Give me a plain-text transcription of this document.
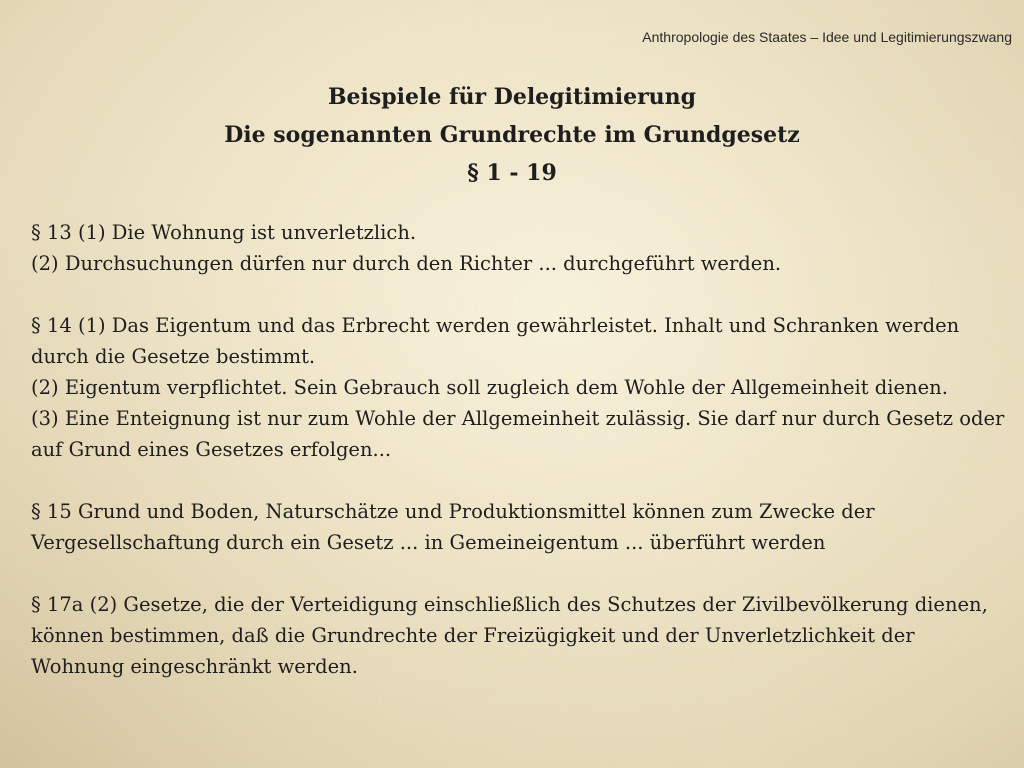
Anthropologie des Staates – Idee und Legitimierungszwang
Beispiele für Delegitimierung
Die sogenannten Grundrechte im Grundgesetz
§ 1 - 19
§ 13 (1) Die Wohnung ist unverletzlich.
(2) Durchsuchungen dürfen nur durch den Richter ... durchgeführt werden.
§ 14 (1) Das Eigentum und das Erbrecht werden gewährleistet. Inhalt und Schranken werden durch die Gesetze bestimmt.
(2) Eigentum verpflichtet. Sein Gebrauch soll zugleich dem Wohle der Allgemeinheit dienen.
(3) Eine Enteignung ist nur zum Wohle der Allgemeinheit zulässig. Sie darf nur durch Gesetz oder auf Grund eines Gesetzes erfolgen...
§ 15 Grund und Boden, Naturschätze und Produktionsmittel können zum Zwecke der Vergesellschaftung durch ein Gesetz ... in Gemeineigentum ... überführt werden
§ 17a (2) Gesetze, die der Verteidigung einschließlich des Schutzes der Zivilbevölkerung dienen, können bestimmen, daß die Grundrechte der Freizügigkeit und der Unverletzlichkeit der Wohnung eingeschränkt werden.
